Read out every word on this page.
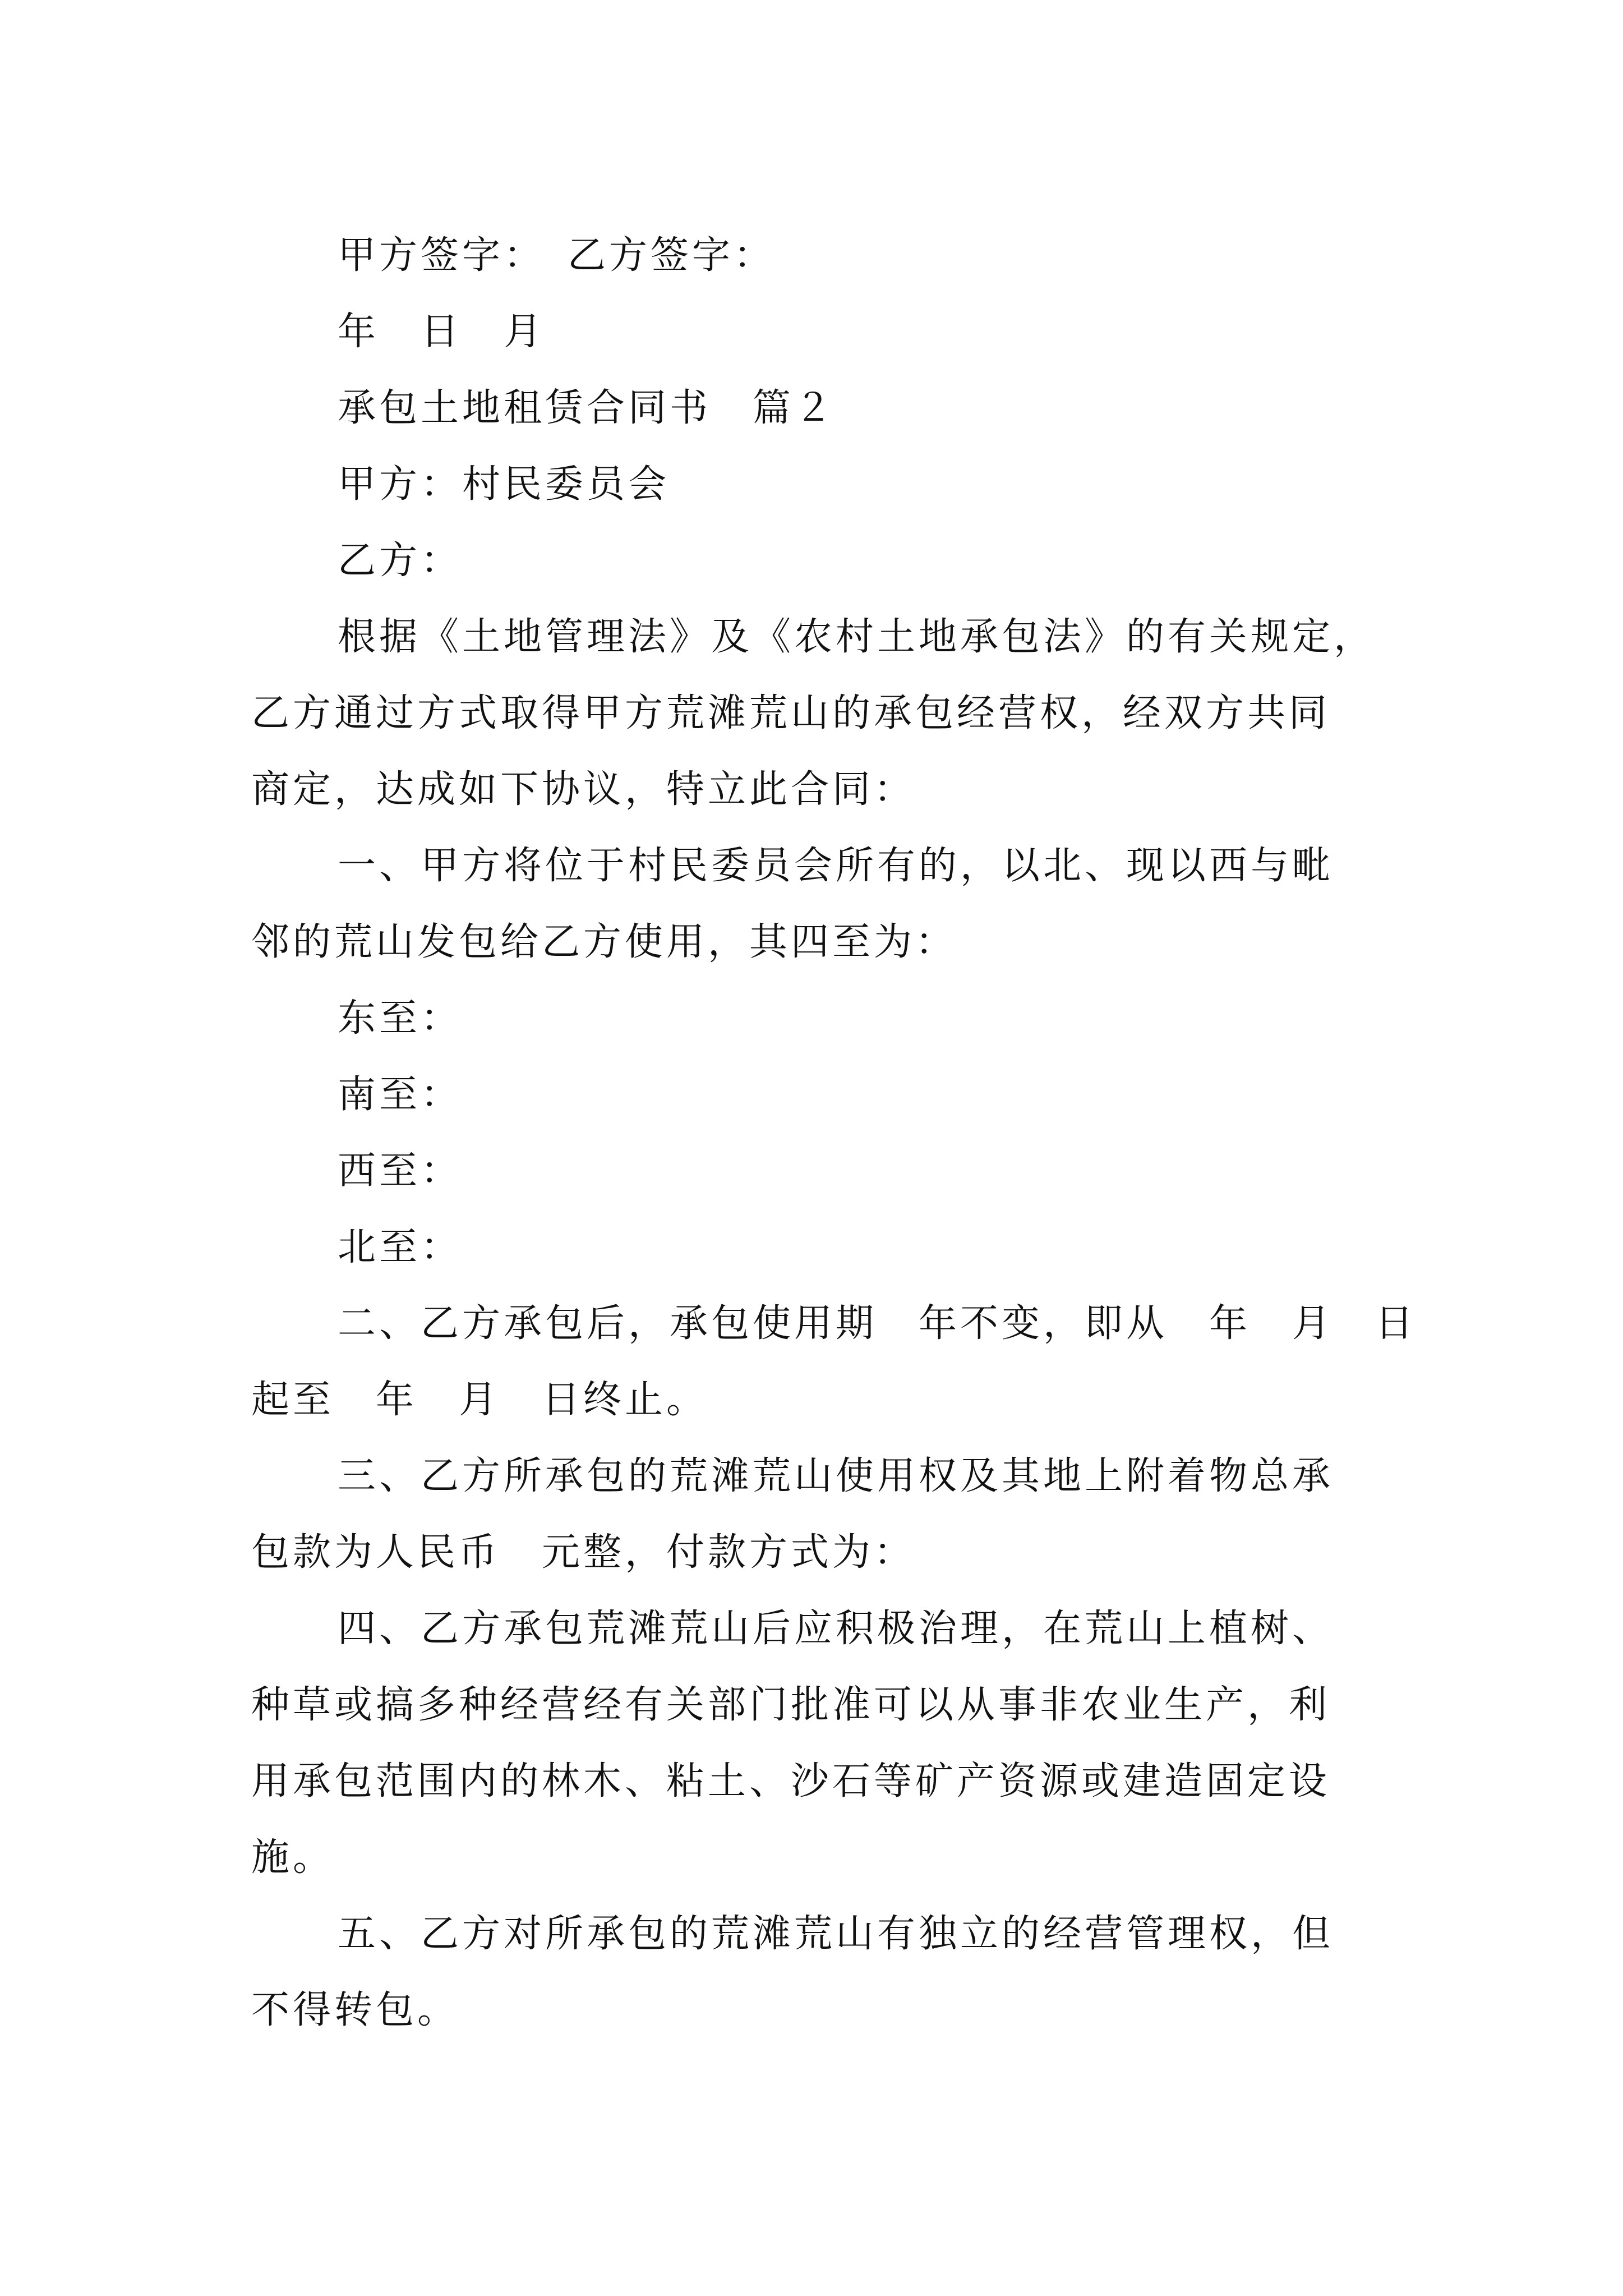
甲方签字：　乙方签字：

年　日　月

承包土地租赁合同书　篇２

甲方：村民委员会

乙方：

根据《土地管理法》及《农村土地承包法》的有关规定，
乙方通过方式取得甲方荒滩荒山的承包经营权，经双方共同
商定，达成如下协议，特立此合同：
一、甲方将位于村民委员会所有的，以北、现以西与毗
邻的荒山发包给乙方使用，其四至为：

东至：

南至：

西至：

北至：

二、乙方承包后，承包使用期　年不变，即从　年　月　日
起至　年　月　日终止。
三、乙方所承包的荒滩荒山使用权及其地上附着物总承
包款为人民币　元整，付款方式为：
四、乙方承包荒滩荒山后应积极治理，在荒山上植树、
种草或搞多种经营经有关部门批准可以从事非农业生产，利
用承包范围内的林木、粘土、沙石等矿产资源或建造固定设
施。
五、乙方对所承包的荒滩荒山有独立的经营管理权，但
不得转包。
